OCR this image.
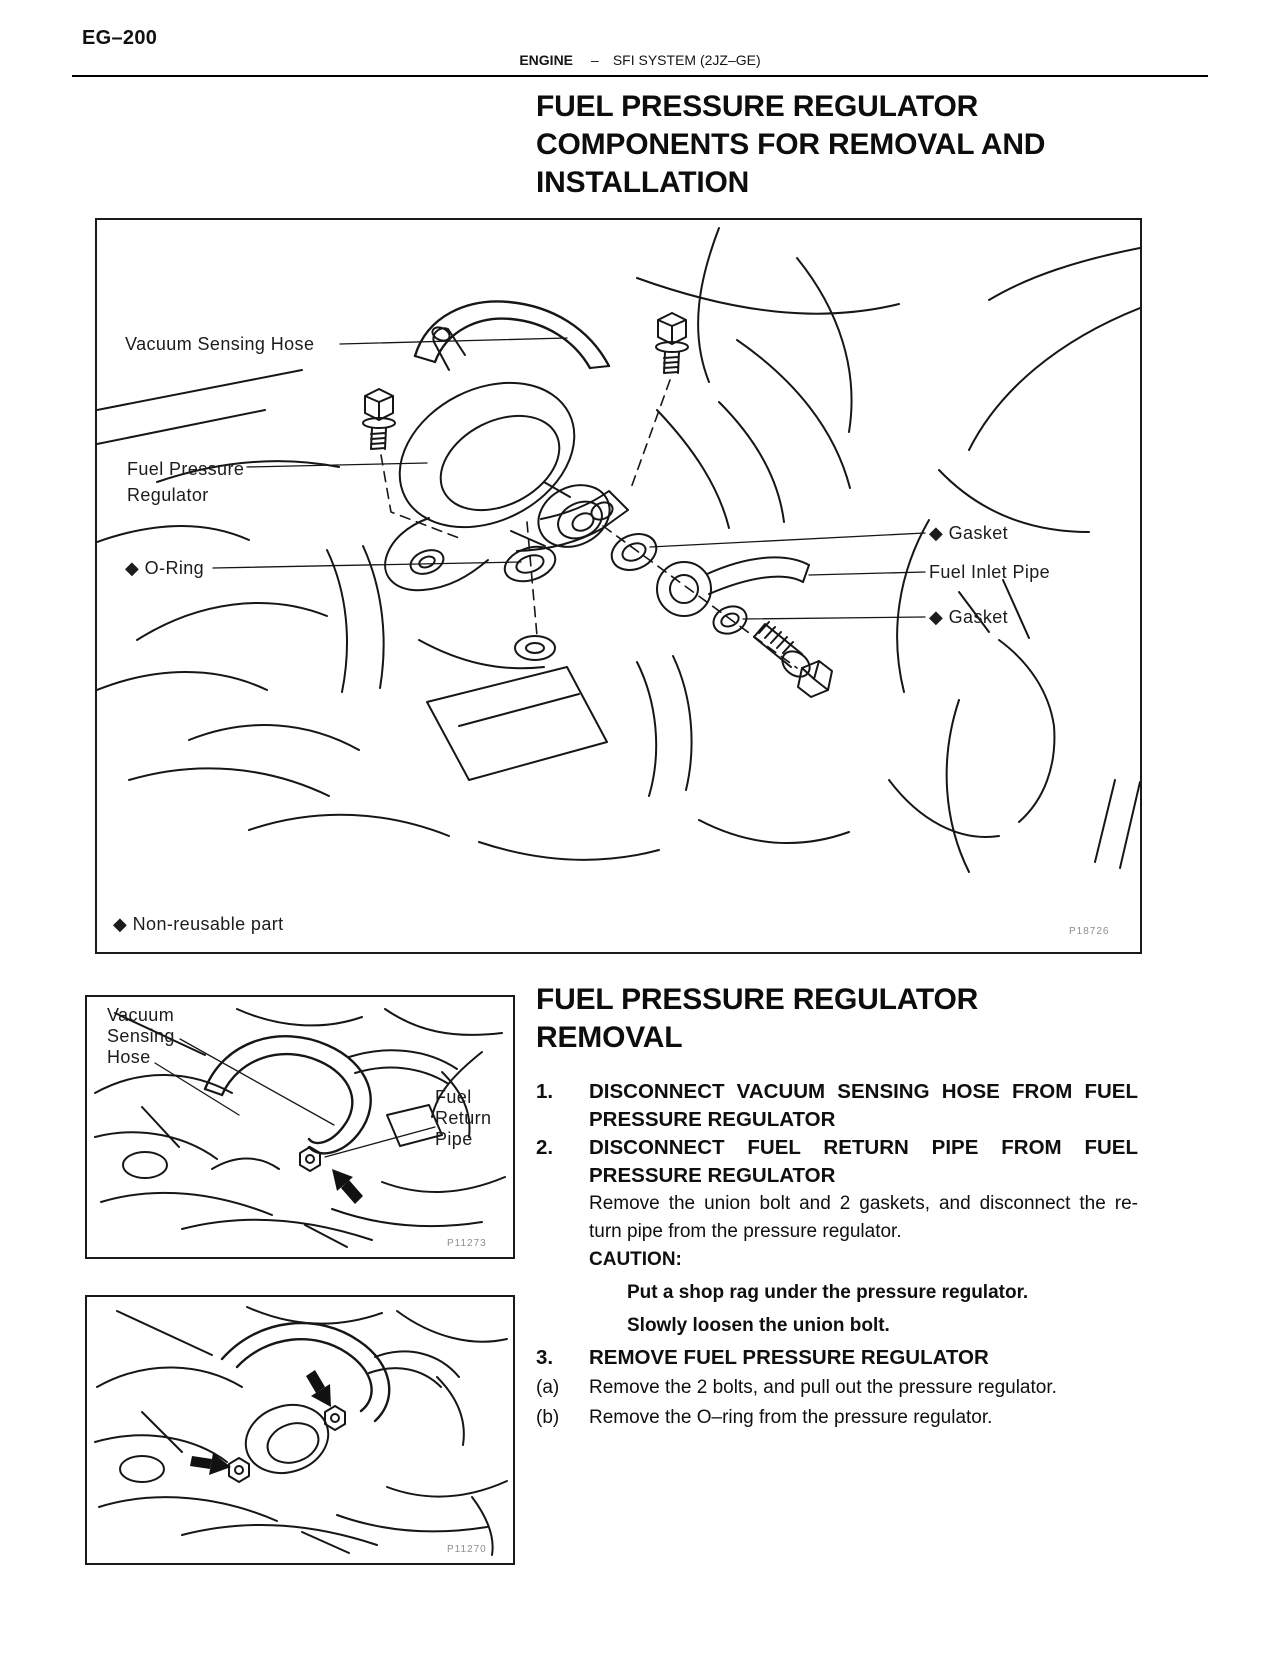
EG–200
ENGINE – SFI SYSTEM (2JZ–GE)
FUEL PRESSURE REGULATOR
COMPONENTS FOR REMOVAL AND
INSTALLATION
Vacuum Sensing Hose
Fuel Pressure
Regulator
◆ O-Ring
◆ Gasket
Fuel Inlet Pipe
◆ Gasket
◆ Non-reusable part	P18726
FUEL PRESSURE REGULATOR
REMOVAL
1.	DISCONNECT VACUUM SENSING HOSE FROM FUEL
PRESSURE REGULATOR
2.	DISCONNECT FUEL RETURN PIPE FROM FUEL
PRESSURE REGULATOR
Remove the union bolt and 2 gaskets, and disconnect the re-
turn pipe from the pressure regulator.
CAUTION:
Put a shop rag under the pressure regulator.
Slowly loosen the union bolt.
3.	REMOVE FUEL PRESSURE REGULATOR
(a)	Remove the 2 bolts, and pull out the pressure regulator.
(b)	Remove the O–ring from the pressure regulator.
Vacuum
Sensing
Hose
Fuel
Return
Pipe
P11273
P11270
